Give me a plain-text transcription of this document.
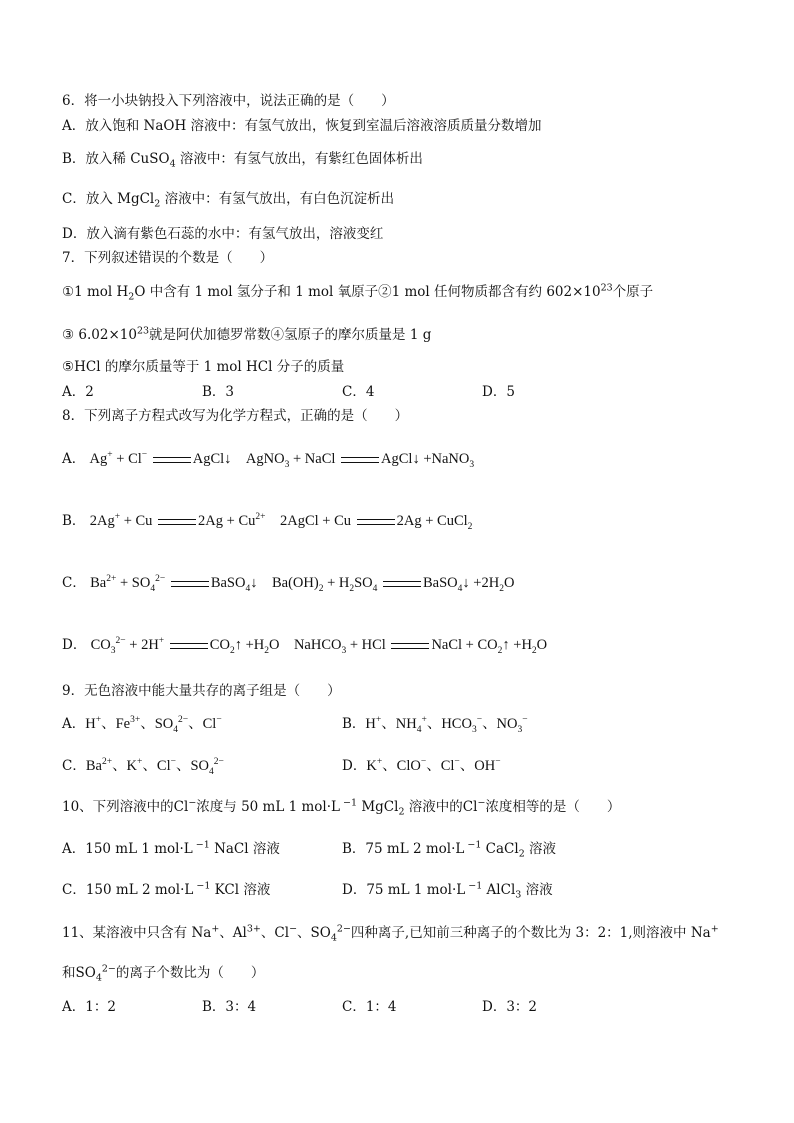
6．将一小块钠投入下列溶液中，说法正确的是（　　）
A．放入饱和 NaOH 溶液中：有氢气放出，恢复到室温后溶液溶质质量分数增加
B．放入稀 CuSO$_4$ 溶液中：有氢气放出，有紫红色固体析出
C．放入 MgCl$_2$ 溶液中：有氢气放出，有白色沉淀析出
D．放入滴有紫色石蕊的水中：有氢气放出，溶液变红
7．下列叙述错误的个数是（　　）
①1 mol $H_2O$ 中含有 1 mol 氢分子和 1 mol 氧原子②1 mol 任何物质都含有约 $602\times 10^{23}$个原子
③ $6.02\times 10^{23}$就是阿伏加德罗常数④氢原子的摩尔质量是 1 g
⑤HCl 的摩尔质量等于 1 mol HCl 分子的质量
A．2	B．3	C．4	D．5
8．下列离子方程式改写为化学方程式，正确的是（　　）
A． Ag+ + Cl−	AgCl↓    AgNO$_3$ + NaCl	AgCl↓ +NaNO$_3$
B． 2Ag+ + Cu	$2Ag + Cu^{2+}$    2AgCl + Cu	2Ag + CuCl$_2$
C． $Ba^{2+} + SO_4^{2-}$	BaSO$_4$↓    $Ba(OH)_2 + H_2SO_4$	BaSO$_4$↓ $+2H_2O$
D． $CO_3^{2-} + 2H^+$	$CO_2↑ +H_2O$    NaHCO$_3$ + HCl	NaCl + $CO_2↑ +H_2O$
9．无色溶液中能大量共存的离子组是（　　）
A．H+、$Fe^{3+}$、$SO_4^{2-}$、Cl−	B．H+、$NH_4^+$、$HCO_3^-$、$NO_3^-$
C．$Ba^{2+}$、K+、Cl−、$SO_4^{2-}$	D．K+、ClO−、Cl−、OH−
10、下列溶液中的Cl−浓度与 50 mL 1 mol·L $^{-1}$ MgCl$_2$ 溶液中的Cl−浓度相等的是（　　）
A．150 mL 1 mol·L $^{-1}$ NaCl 溶液	B．75 mL 2 mol·L $^{-1}$ CaCl$_2$ 溶液
C．150 mL 2 mol·L $^{-1}$ KCl 溶液	D．75 mL 1 mol·L $^{-1}$ AlCl$_3$ 溶液
11、某溶液中只含有 Na+、$Al^{3+}$、Cl−、$SO_4^{2-}$四种离子,已知前三种离子的个数比为 3：2：1,则溶液中 Na+
和$SO_4^{2-}$的离子个数比为（　　）
A．1：2	B．3：4	C．1：4	D．3：2
